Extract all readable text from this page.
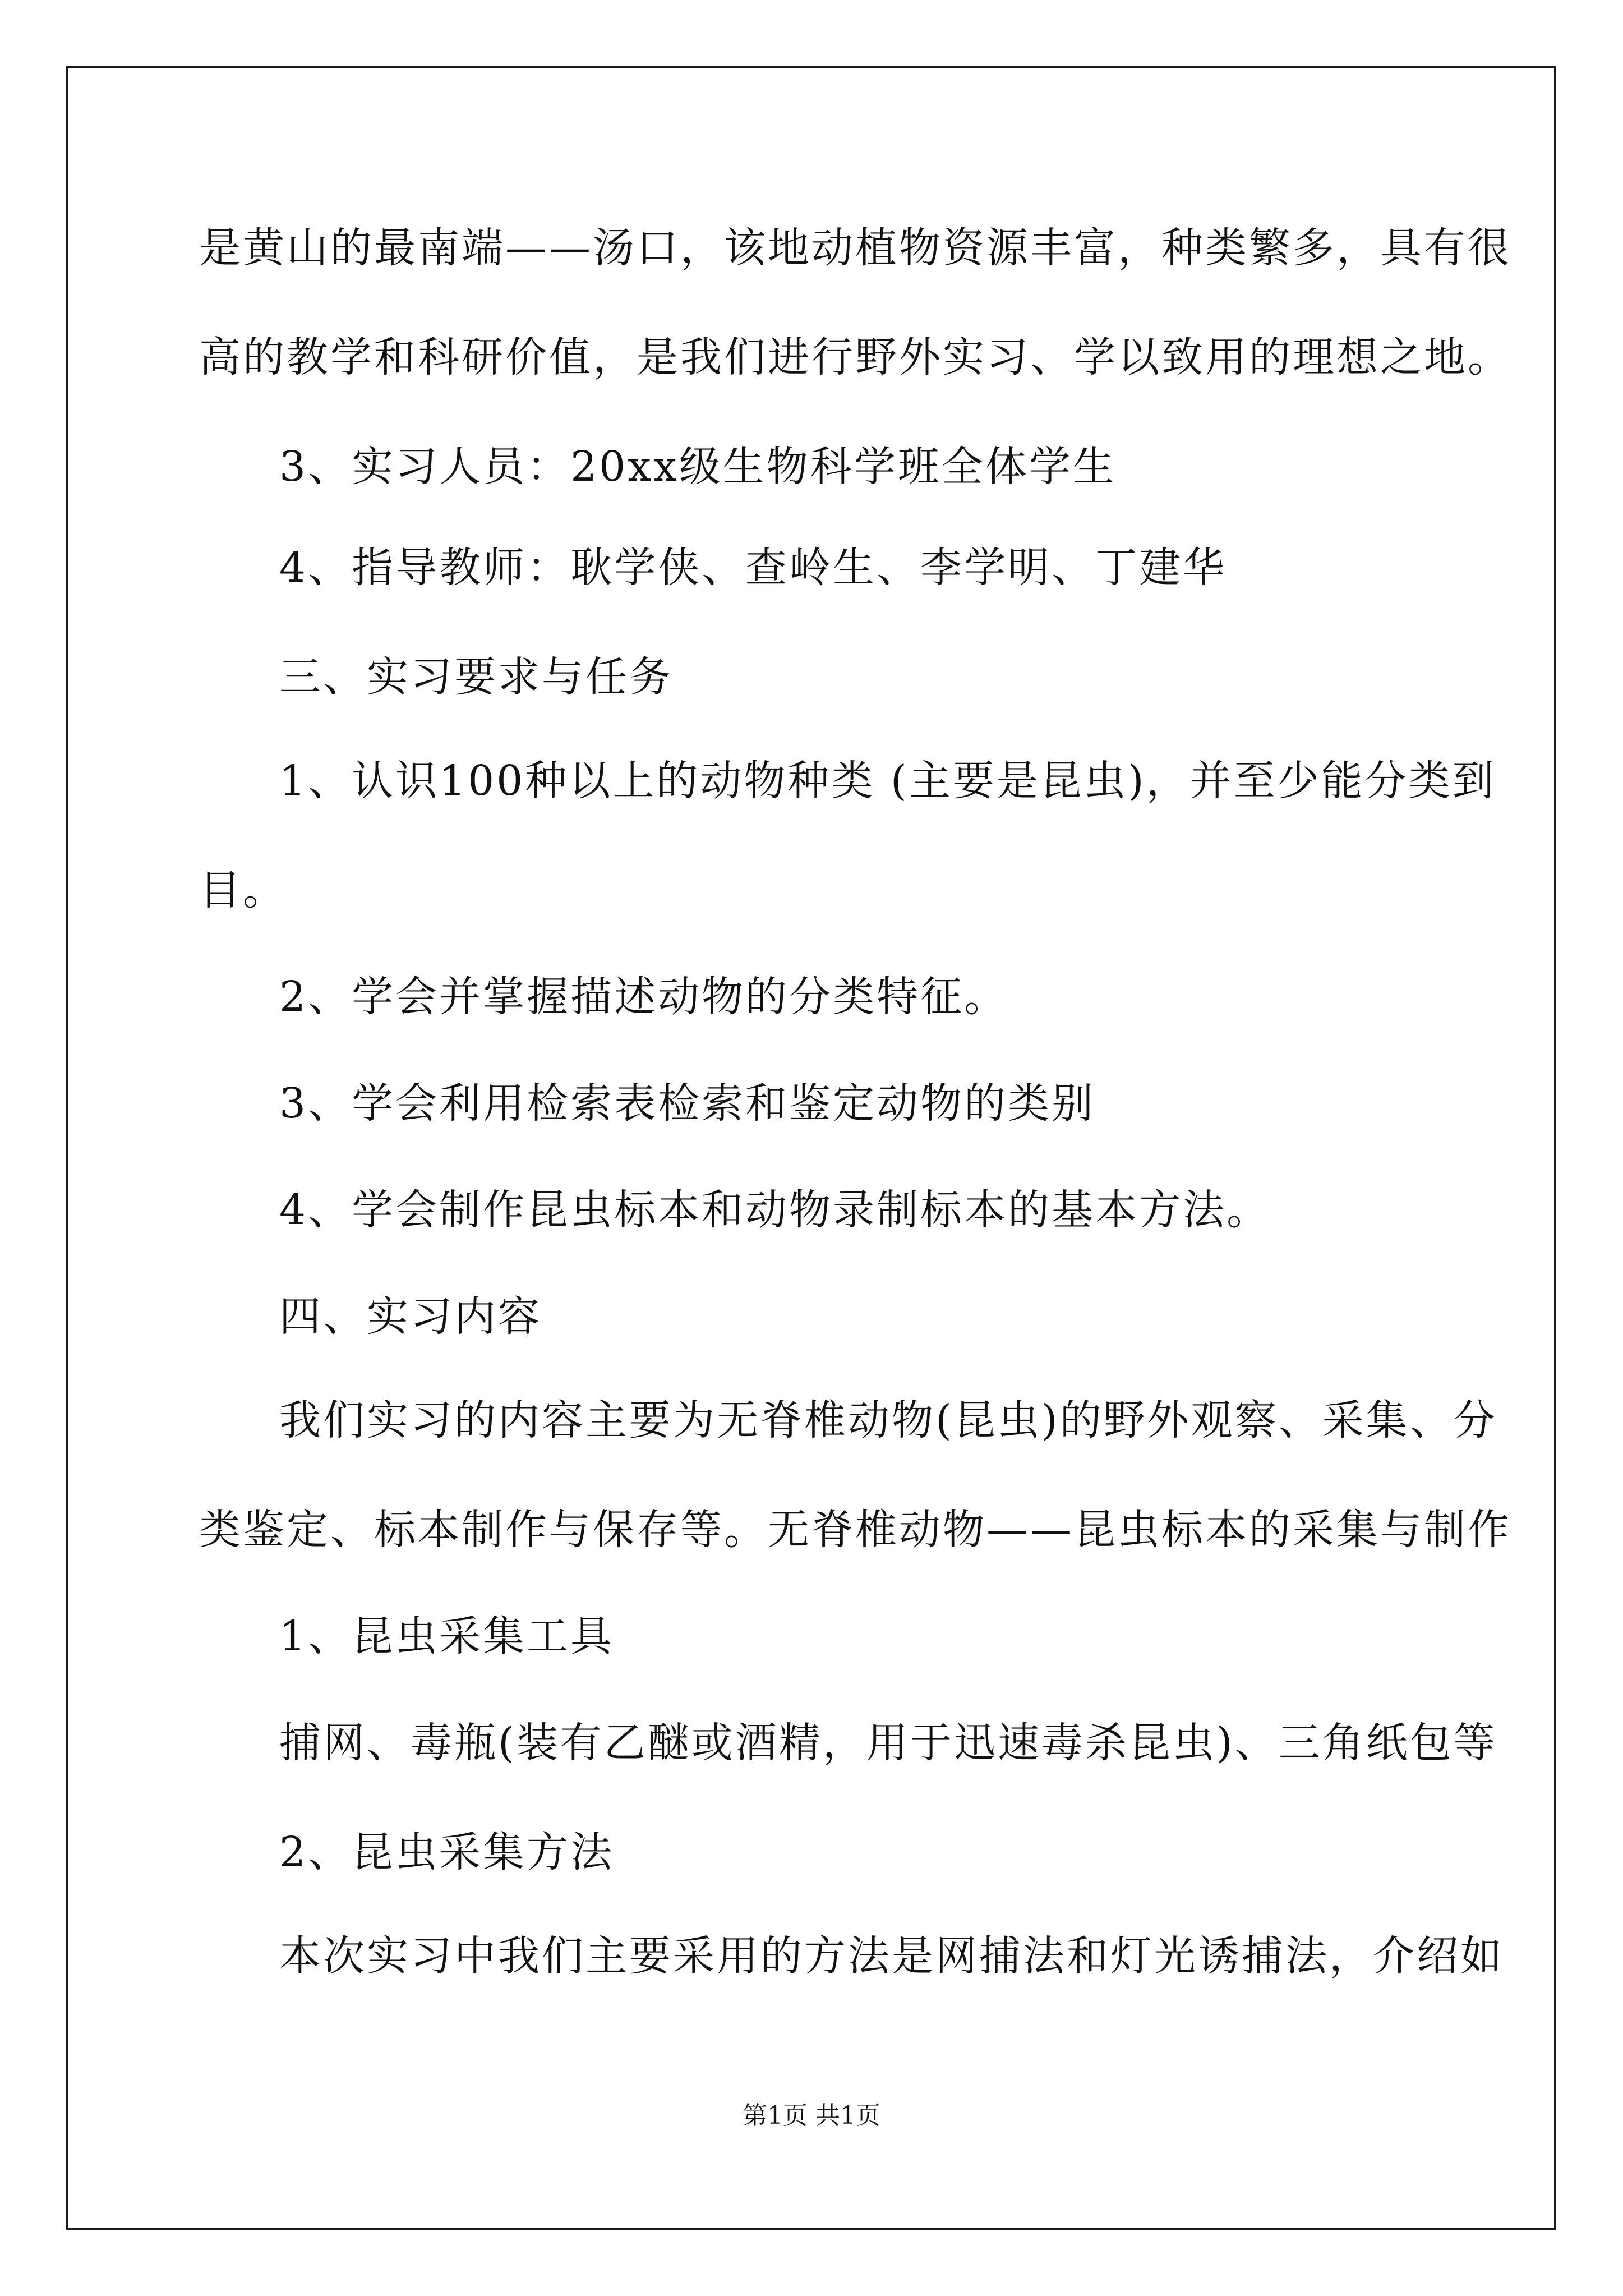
是黄山的最南端——汤口，该地动植物资源丰富，种类繁多，具有很
高的教学和科研价值，是我们进行野外实习、学以致用的理想之地。
3、实习人员：20xx级生物科学班全体学生
4、指导教师：耿学侠、查岭生、李学明、丁建华
三、实习要求与任务
1、认识100种以上的动物种类 (主要是昆虫)，并至少能分类到
目。
2、学会并掌握描述动物的分类特征。
3、学会利用检索表检索和鉴定动物的类别
4、学会制作昆虫标本和动物录制标本的基本方法。
四、实习内容
我们实习的内容主要为无脊椎动物(昆虫)的野外观察、采集、分
类鉴定、标本制作与保存等。无脊椎动物——昆虫标本的采集与制作
1、昆虫采集工具
捕网、毒瓶(装有乙醚或酒精，用于迅速毒杀昆虫)、三角纸包等
2、昆虫采集方法
本次实习中我们主要采用的方法是网捕法和灯光诱捕法，介绍如
第1页 共1页
